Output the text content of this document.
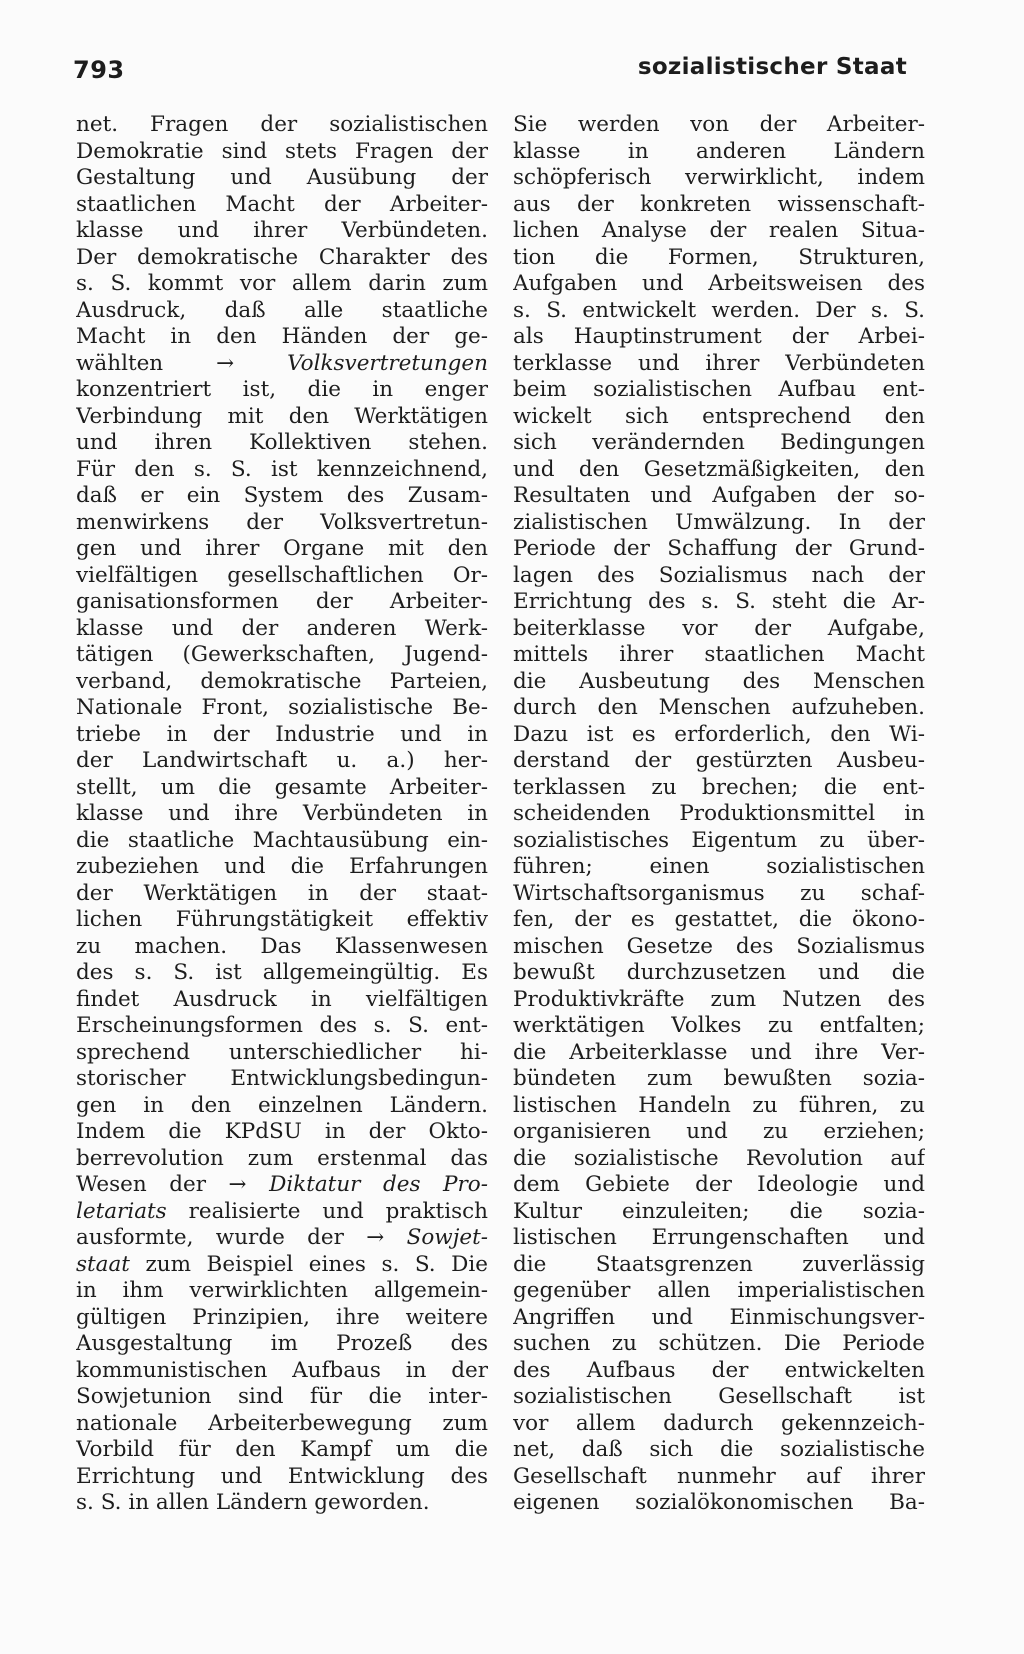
793	sozialistischer Staat
net. Fragen der sozialistischen
Demokratie sind stets Fragen der
Gestaltung und Ausübung der
staatlichen Macht der Arbeiter-
klasse und ihrer Verbündeten.
Der demokratische Charakter des
s. S. kommt vor allem darin zum
Ausdruck, daß alle staatliche
Macht in den Händen der ge-
wählten → Volksvertretungen
konzentriert ist, die in enger
Verbindung mit den Werktätigen
und ihren Kollektiven stehen.
Für den s. S. ist kennzeichnend,
daß er ein System des Zusam-
menwirkens der Volksvertretun-
gen und ihrer Organe mit den
vielfältigen gesellschaftlichen Or-
ganisationsformen der Arbeiter-
klasse und der anderen Werk-
tätigen (Gewerkschaften, Jugend-
verband, demokratische Parteien,
Nationale Front, sozialistische Be-
triebe in der Industrie und in
der Landwirtschaft u. a.) her-
stellt, um die gesamte Arbeiter-
klasse und ihre Verbündeten in
die staatliche Machtausübung ein-
zubeziehen und die Erfahrungen
der Werktätigen in der staat-
lichen Führungstätigkeit effektiv
zu machen. Das Klassenwesen
des s. S. ist allgemeingültig. Es
findet Ausdruck in vielfältigen
Erscheinungsformen des s. S. ent-
sprechend unterschiedlicher hi-
storischer Entwicklungsbedingun-
gen in den einzelnen Ländern.
Indem die KPdSU in der Okto-
berrevolution zum erstenmal das
Wesen der → Diktatur des Pro-
letariats realisierte und praktisch
ausformte, wurde der → Sowjet-
staat zum Beispiel eines s. S. Die
in ihm verwirklichten allgemein-
gültigen Prinzipien, ihre weitere
Ausgestaltung im Prozeß des
kommunistischen Aufbaus in der
Sowjetunion sind für die inter-
nationale Arbeiterbewegung zum
Vorbild für den Kampf um die
Errichtung und Entwicklung des
s. S. in allen Ländern geworden.
Sie werden von der Arbeiter-
klasse in anderen Ländern
schöpferisch verwirklicht, indem
aus der konkreten wissenschaft-
lichen Analyse der realen Situa-
tion die Formen, Strukturen,
Aufgaben und Arbeitsweisen des
s. S. entwickelt werden. Der s. S.
als Hauptinstrument der Arbei-
terklasse und ihrer Verbündeten
beim sozialistischen Aufbau ent-
wickelt sich entsprechend den
sich verändernden Bedingungen
und den Gesetzmäßigkeiten, den
Resultaten und Aufgaben der so-
zialistischen Umwälzung. In der
Periode der Schaffung der Grund-
lagen des Sozialismus nach der
Errichtung des s. S. steht die Ar-
beiterklasse vor der Aufgabe,
mittels ihrer staatlichen Macht
die Ausbeutung des Menschen
durch den Menschen aufzuheben.
Dazu ist es erforderlich, den Wi-
derstand der gestürzten Ausbeu-
terklassen zu brechen; die ent-
scheidenden Produktionsmittel in
sozialistisches Eigentum zu über-
führen; einen sozialistischen
Wirtschaftsorganismus zu schaf-
fen, der es gestattet, die ökono-
mischen Gesetze des Sozialismus
bewußt durchzusetzen und die
Produktivkräfte zum Nutzen des
werktätigen Volkes zu entfalten;
die Arbeiterklasse und ihre Ver-
bündeten zum bewußten sozia-
listischen Handeln zu führen, zu
organisieren und zu erziehen;
die sozialistische Revolution auf
dem Gebiete der Ideologie und
Kultur einzuleiten; die sozia-
listischen Errungenschaften und
die Staatsgrenzen zuverlässig
gegenüber allen imperialistischen
Angriffen und Einmischungsver-
suchen zu schützen. Die Periode
des Aufbaus der entwickelten
sozialistischen Gesellschaft ist
vor allem dadurch gekennzeich-
net, daß sich die sozialistische
Gesellschaft nunmehr auf ihrer
eigenen sozialökonomischen Ba-
